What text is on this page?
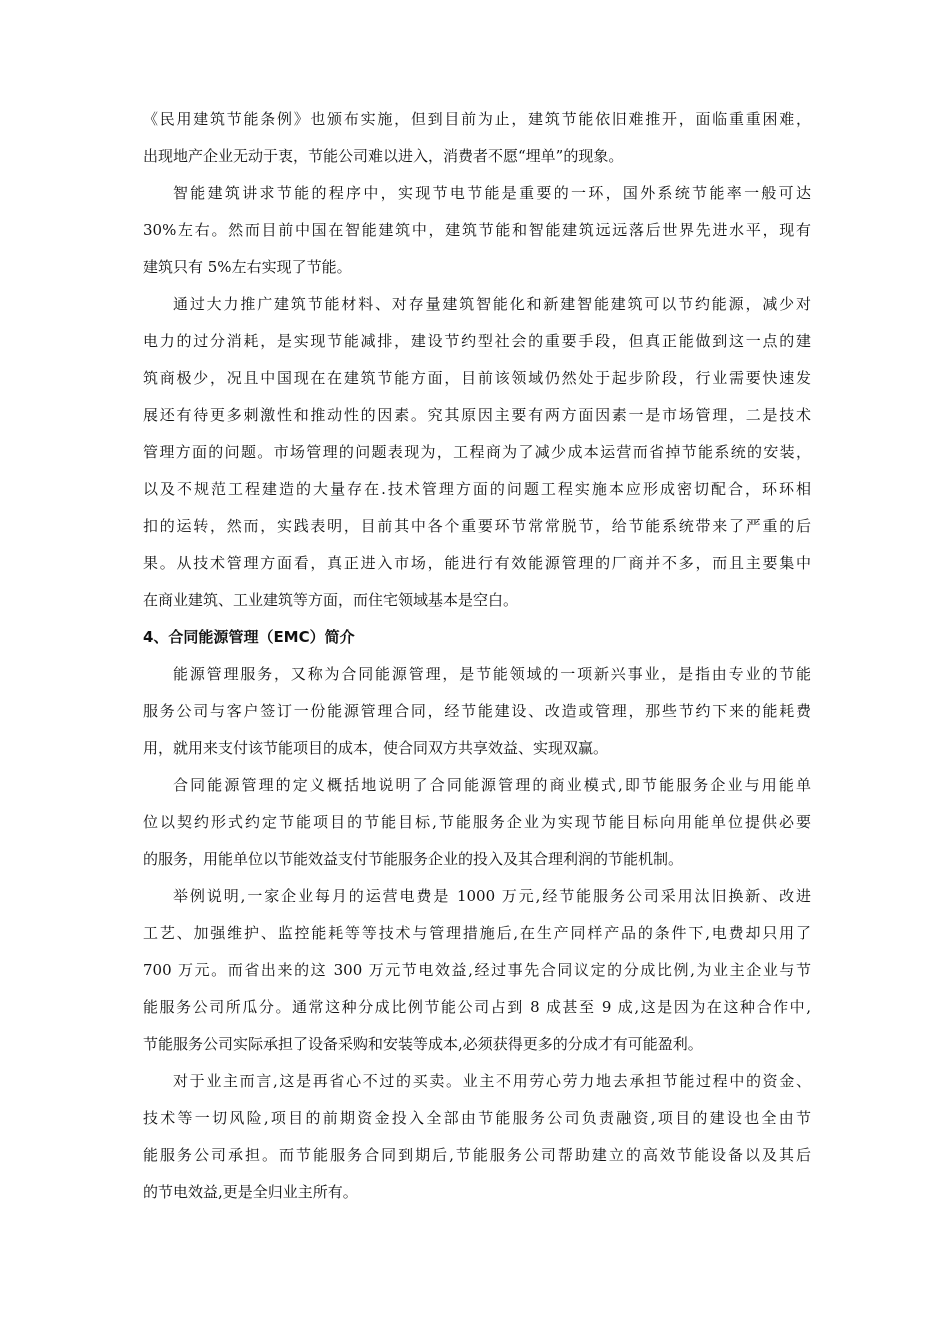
《民用建筑节能条例》也颁布实施，但到目前为止，建筑节能依旧难推开，面临重重困难，
出现地产企业无动于衷，节能公司难以进入，消费者不愿“埋单”的现象。
智能建筑讲求节能的程序中，实现节电节能是重要的一环，国外系统节能率一般可达
30%左右。然而目前中国在智能建筑中，建筑节能和智能建筑远远落后世界先进水平，现有
建筑只有 5%左右实现了节能。
通过大力推广建筑节能材料、对存量建筑智能化和新建智能建筑可以节约能源，减少对
电力的过分消耗，是实现节能减排，建设节约型社会的重要手段，但真正能做到这一点的建
筑商极少，况且中国现在在建筑节能方面，目前该领域仍然处于起步阶段，行业需要快速发
展还有待更多刺激性和推动性的因素。究其原因主要有两方面因素一是市场管理，二是技术
管理方面的问题。市场管理的问题表现为，工程商为了减少成本运营而省掉节能系统的安装，
以及不规范工程建造的大量存在.技术管理方面的问题工程实施本应形成密切配合，环环相
扣的运转，然而，实践表明，目前其中各个重要环节常常脱节，给节能系统带来了严重的后
果。从技术管理方面看，真正进入市场，能进行有效能源管理的厂商并不多，而且主要集中
在商业建筑、工业建筑等方面，而住宅领域基本是空白。
4、合同能源管理（EMC）简介
能源管理服务，又称为合同能源管理，是节能领域的一项新兴事业，是指由专业的节能
服务公司与客户签订一份能源管理合同，经节能建设、改造或管理，那些节约下来的能耗费
用，就用来支付该节能项目的成本，使合同双方共享效益、实现双赢。
合同能源管理的定义概括地说明了合同能源管理的商业模式,即节能服务企业与用能单
位以契约形式约定节能项目的节能目标,节能服务企业为实现节能目标向用能单位提供必要
的服务，用能单位以节能效益支付节能服务企业的投入及其合理利润的节能机制。
举例说明,一家企业每月的运营电费是 1000 万元,经节能服务公司采用汰旧换新、改进
工艺、加强维护、监控能耗等等技术与管理措施后,在生产同样产品的条件下,电费却只用了
700 万元。而省出来的这 300 万元节电效益,经过事先合同议定的分成比例,为业主企业与节
能服务公司所瓜分。通常这种分成比例节能公司占到 8 成甚至 9 成,这是因为在这种合作中,
节能服务公司实际承担了设备采购和安装等成本,必须获得更多的分成才有可能盈利。
对于业主而言,这是再省心不过的买卖。业主不用劳心劳力地去承担节能过程中的资金、
技术等一切风险,项目的前期资金投入全部由节能服务公司负责融资,项目的建设也全由节
能服务公司承担。而节能服务合同到期后,节能服务公司帮助建立的高效节能设备以及其后
的节电效益,更是全归业主所有。
